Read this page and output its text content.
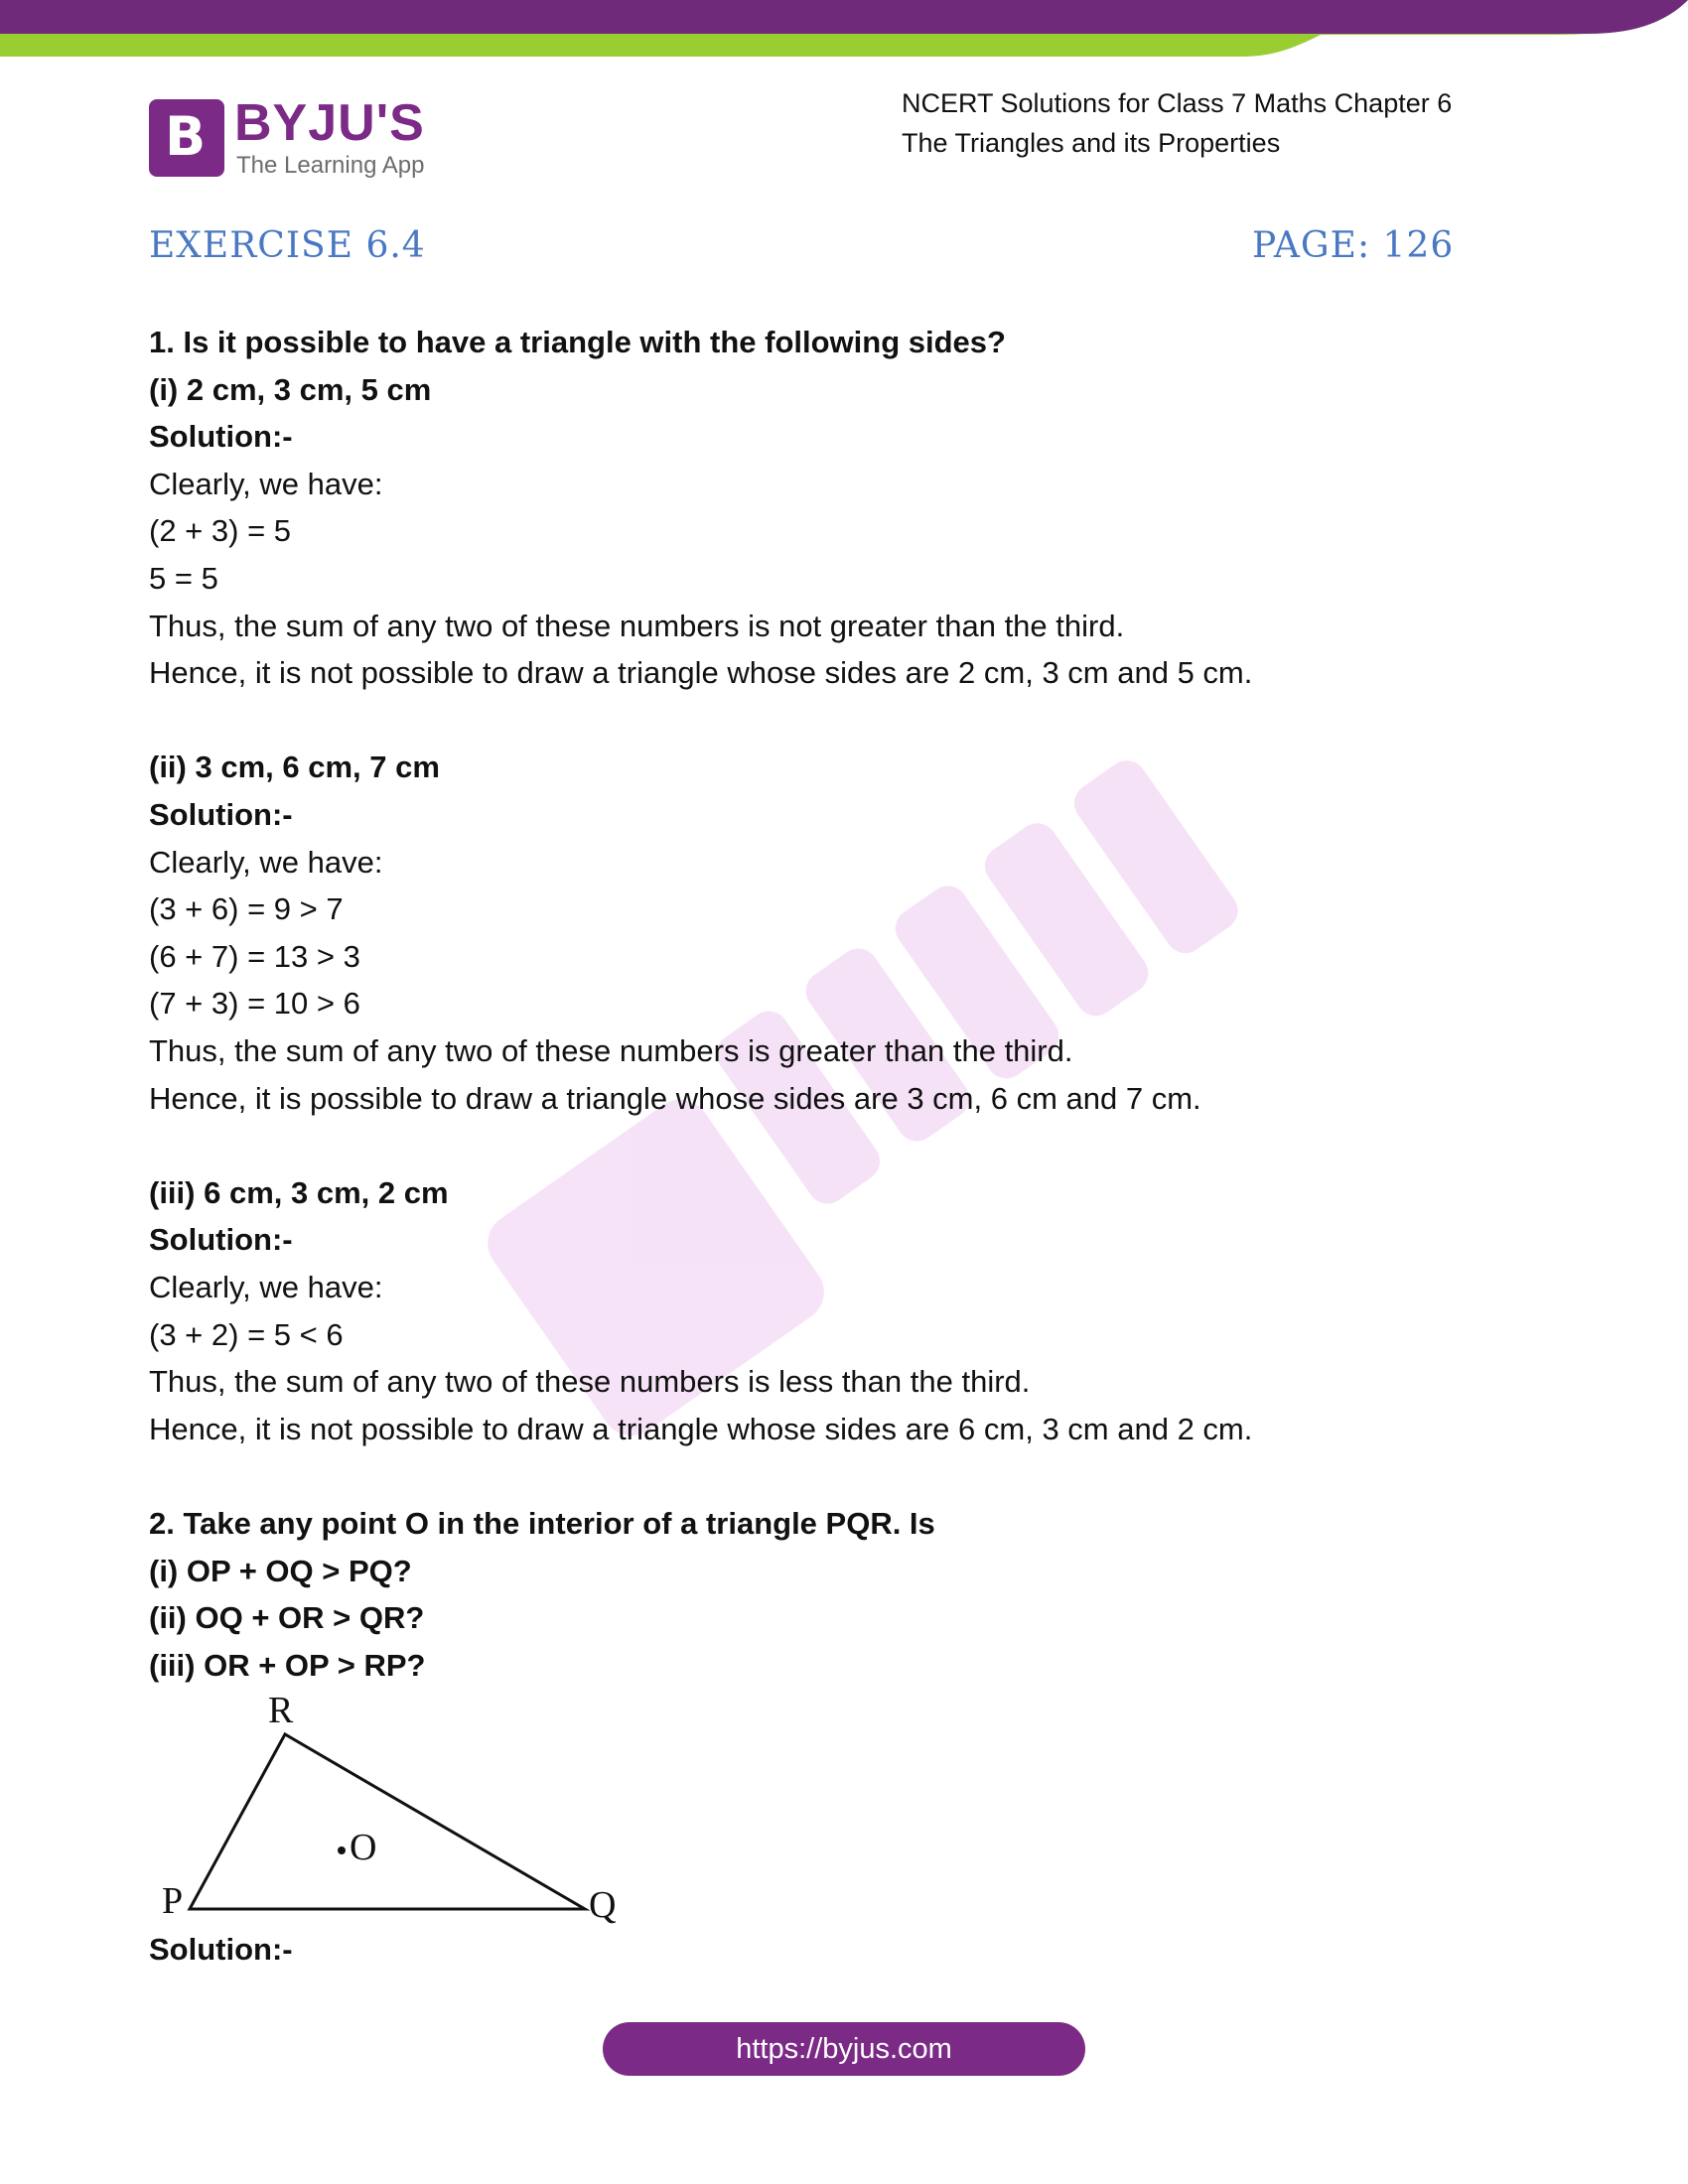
B BYJU'S
The Learning App
NCERT Solutions for Class 7 Maths Chapter 6
The Triangles and its Properties
EXERCISE 6.4	PAGE: 126
1. Is it possible to have a triangle with the following sides?
(i) 2 cm, 3 cm, 5 cm
Solution:-
Clearly, we have:
(2 + 3) = 5
5 = 5
Thus, the sum of any two of these numbers is not greater than the third.
Hence, it is not possible to draw a triangle whose sides are 2 cm, 3 cm and 5 cm.
(ii) 3 cm, 6 cm, 7 cm
Solution:-
Clearly, we have:
(3 + 6) = 9 > 7
(6 + 7) = 13 > 3
(7 + 3) = 10 > 6
Thus, the sum of any two of these numbers is greater than the third.
Hence, it is possible to draw a triangle whose sides are 3 cm, 6 cm and 7 cm.
(iii) 6 cm, 3 cm, 2 cm
Solution:-
Clearly, we have:
(3 + 2) = 5 < 6
Thus, the sum of any two of these numbers is less than the third.
Hence, it is not possible to draw a triangle whose sides are 6 cm, 3 cm and 2 cm.
2. Take any point O in the interior of a triangle PQR. Is
(i) OP + OQ > PQ?
(ii) OQ + OR > QR?
(iii) OR + OP > RP?
R
P	Q
O
Solution:-
https://byjus.com
